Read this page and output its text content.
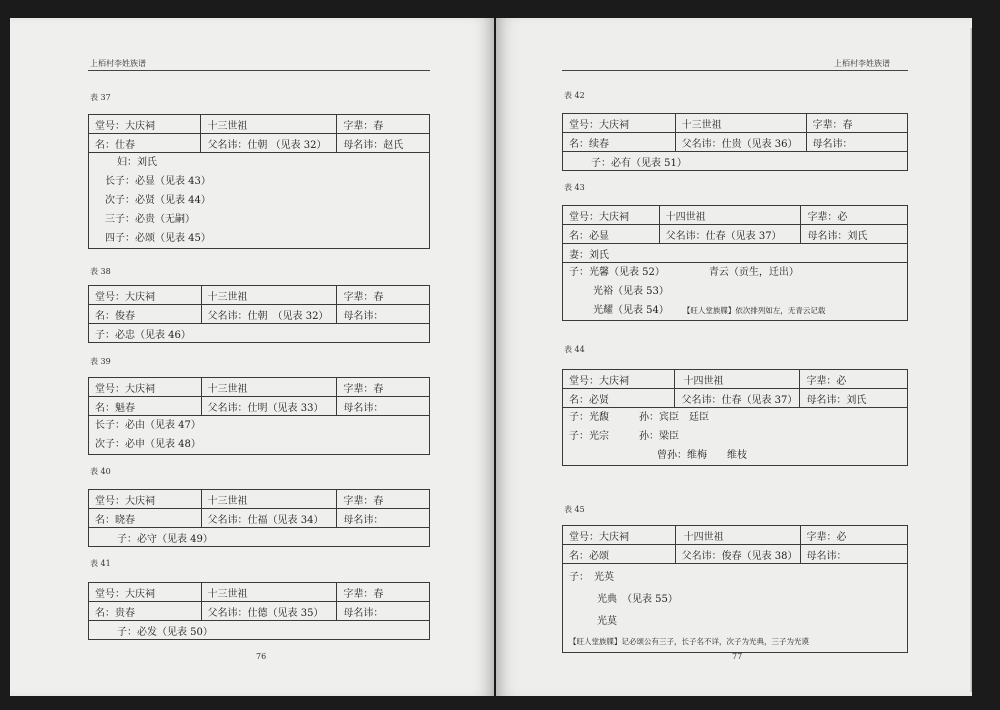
上栢村李姓族谱
表 37
堂号：大庆祠	十三世祖	字辈：春
名：仕春	父名讳：仕朝 （见表 32）	母名讳：赵氏

妇：刘氏
长子：必显（见表 43）
次子：必贤（见表 44）
三子：必贵（无嗣）
四子：必颂（见表 45）		
表 38
堂号：大庆祠	十三世祖	字辈：春
名：俊春	父名讳：仕朝　（见表 32）	母名讳：
子：必忠（见表 46）		
表 39
堂号：大庆祠	十三世祖	字辈：春
名：魁春	父名讳：仕明（见表 33）	母名讳：

长子：必由（见表 47）
次子：必申（见表 48）		
表 40
堂号：大庆祠	十三世祖	字辈：春
名：晓春	父名讳：仕福（见表 34）	母名讳：
子：必守（见表 49）		
表 41
堂号：大庆祠	十三世祖	字辈：春
名：贵春	父名讳：仕德（见表 35）	母名讳：
子：必发（见表 50）		
76
上栢村李姓族谱
表 42
堂号：大庆祠	十三世祖	字辈：春
名：续春	父名讳：仕贵（见表 36）	母名讳：
子：必有（见表 51）		
表 43
堂号：大庆祠	十四世祖	字辈：必
名：必显	父名讳：仕春（见表 37）	母名讳：刘氏
妻：刘氏		

子：光馨（见表 52） 青云（贡生，迁出）
光裕（见表 53）
光耀（见表 54） 【旺人堂族牒】依次排列如左，无青云记载		
表 44
堂号：大庆祠	十四世祖	字辈：必
名：必贤	父名讳：仕春（见表 37）	母名讳：刘氏

子：光馥 孙：宾臣　廷臣
子：光宗 孙：梁臣
曾孙：维梅　　维枝		
表 45
堂号：大庆祠	十四世祖	字辈：必
名：必颂	父名讳：俊春（见表 38）	母名讳：

子：　光英
光典　（见表 55）
光莫
【旺人堂族牒】记必颂公有三子，长子名不详，次子为光典，三子为光谟		
77
